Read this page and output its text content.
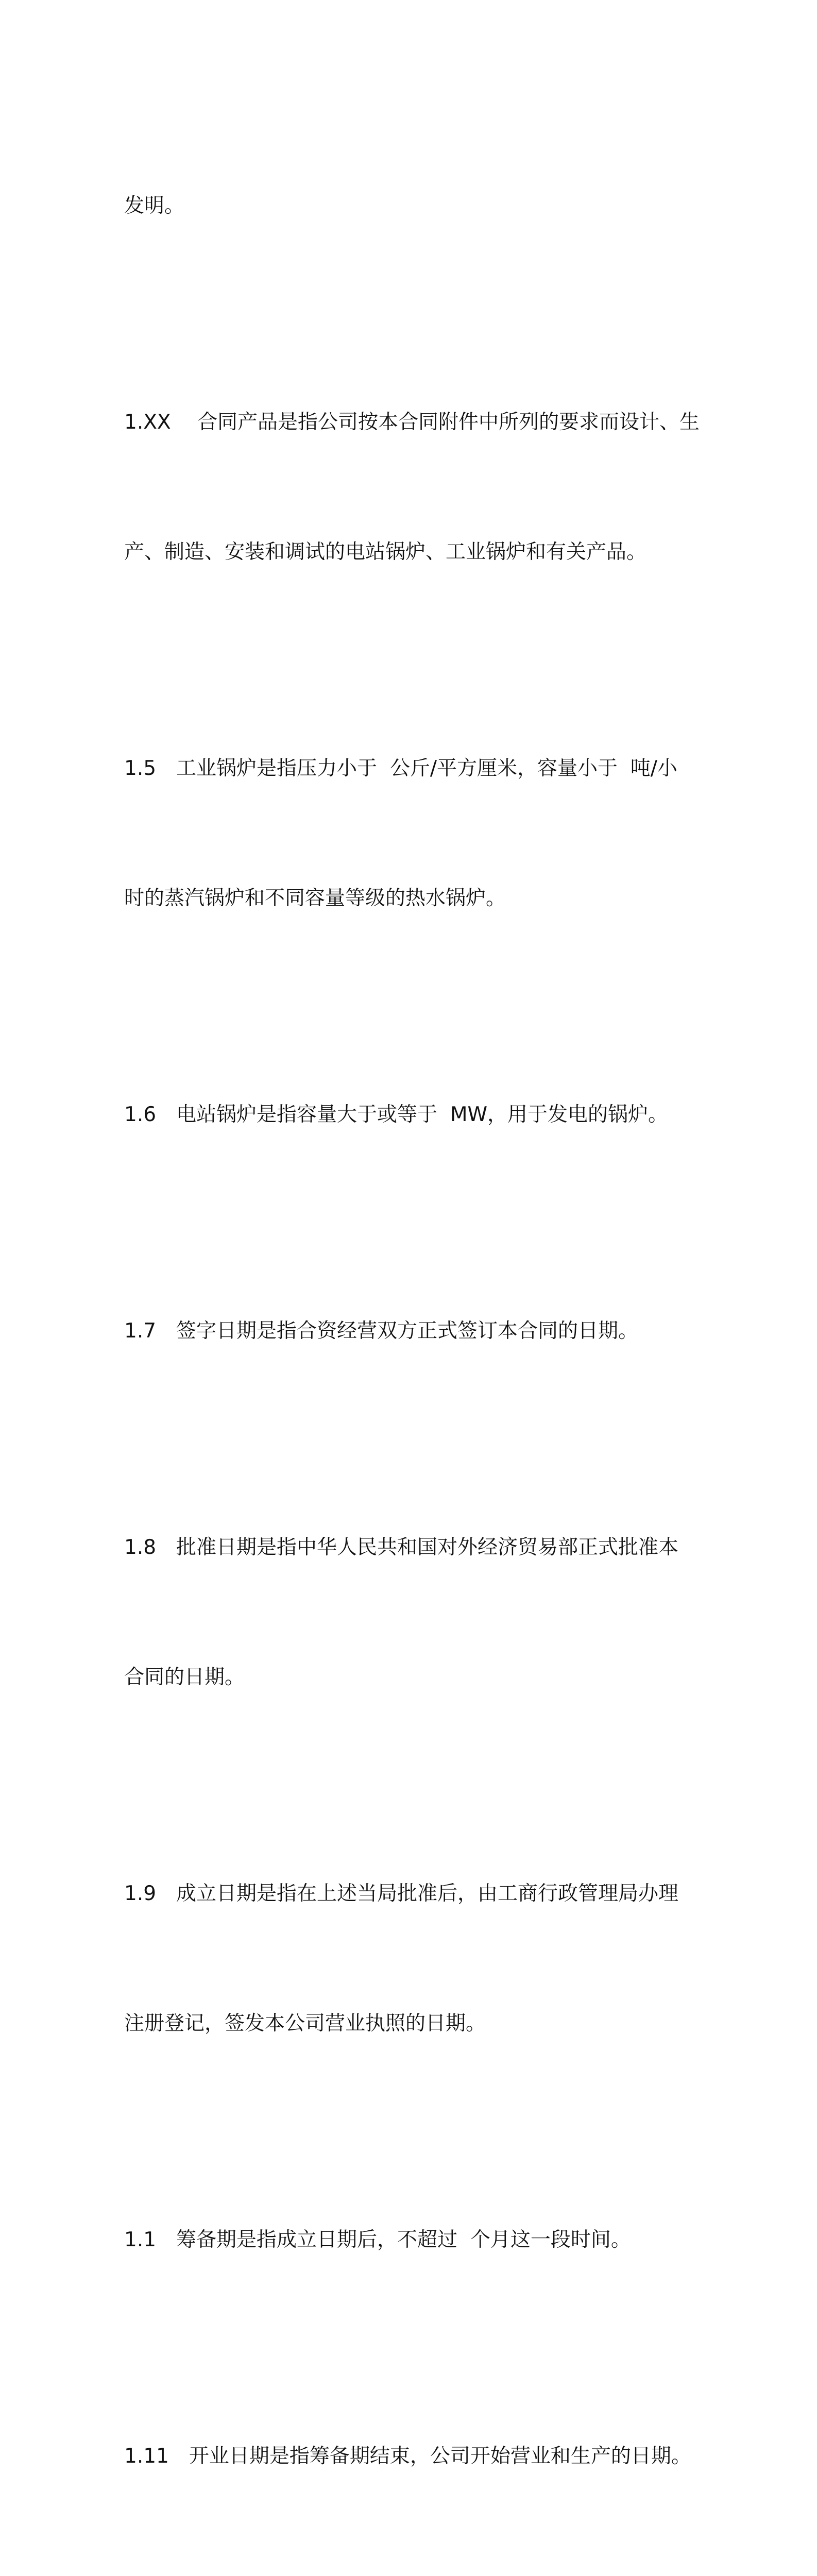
发明。

1.XX　 合同产品是指公司按本合同附件中所列的要求而设计、生

产、制造、安装和调试的电站锅炉、工业锅炉和有关产品。

1.5　工业锅炉是指压力小于  公斤/平方厘米，容量小于  吨/小

时的蒸汽锅炉和不同容量等级的热水锅炉。

1.6　电站锅炉是指容量大于或等于  MW，用于发电的锅炉。

1.7　签字日期是指合资经营双方正式签订本合同的日期。

1.8　批准日期是指中华人民共和国对外经济贸易部正式批准本

合同的日期。

1.9　成立日期是指在上述当局批准后，由工商行政管理局办理

注册登记，签发本公司营业执照的日期。

1.1　筹备期是指成立日期后，不超过  个月这一段时间。

1.11　开业日期是指筹备期结束，公司开始营业和生产的日期。
